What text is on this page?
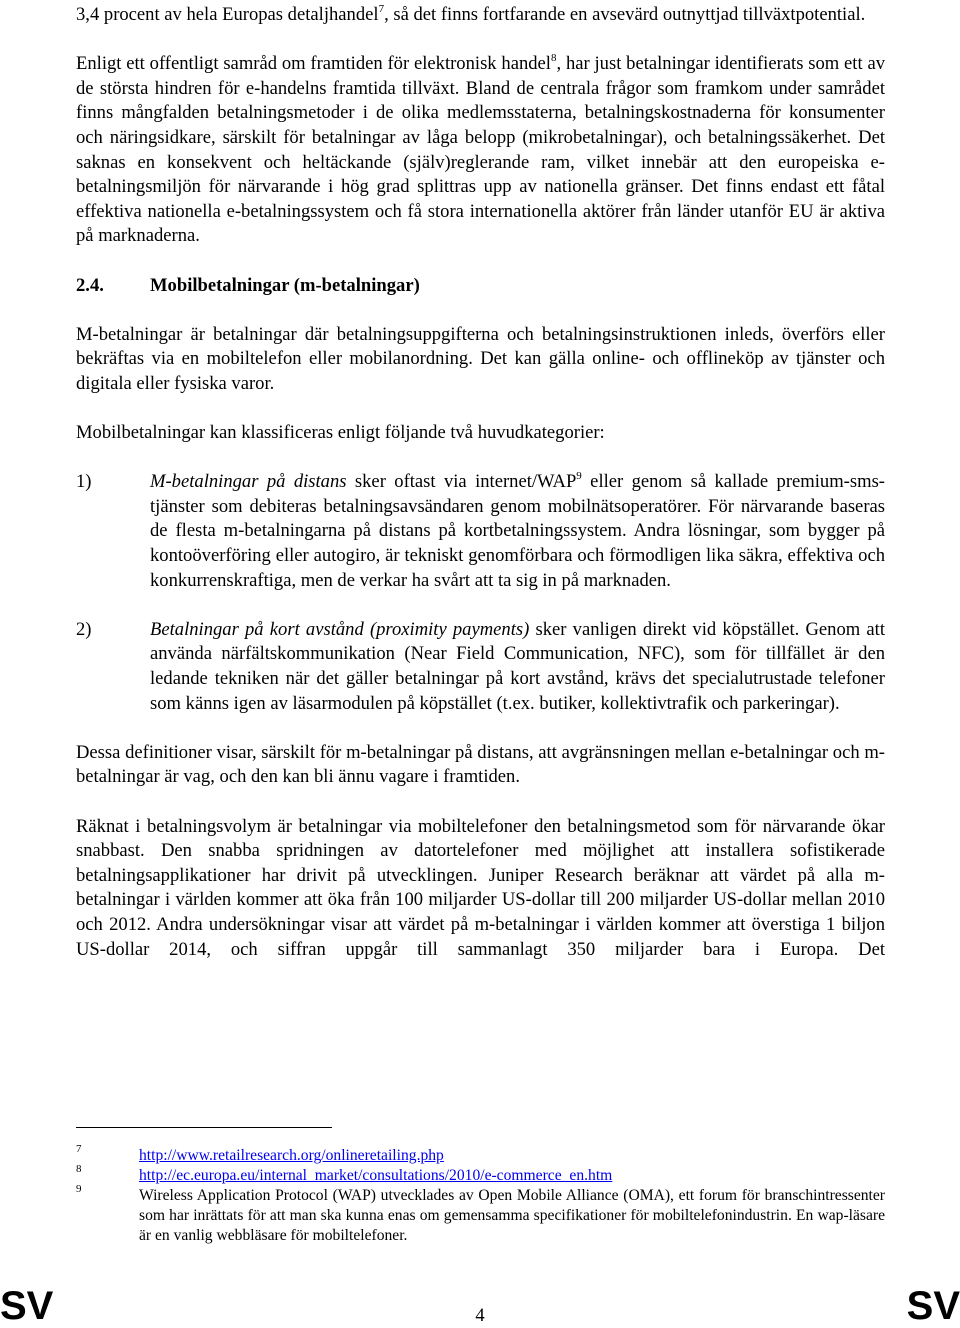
3,4 procent av hela Europas detaljhandel$^7$, så det finns fortfarande en avsevärd outnyttjad tillväxtpotential.

Enligt ett offentligt samråd om framtiden för elektronisk handel$^8$, har just betalningar identifierats som ett av de största hindren för e-handelns framtida tillväxt. Bland de centrala frågor som framkom under samrådet finns mångfalden betalningsmetoder i de olika medlemsstaterna, betalningskostnaderna för konsumenter och näringsidkare, särskilt för betalningar av låga belopp (mikrobetalningar), och betalningssäkerhet. Det saknas en konsekvent och heltäckande (själv)reglerande ram, vilket innebär att den europeiska e-betalningsmiljön för närvarande i hög grad splittras upp av nationella gränser. Det finns endast ett fåtal effektiva nationella e-betalningssystem och få stora internationella aktörer från länder utanför EU är aktiva på marknaderna.

2.4.	Mobilbetalningar (m-betalningar)

M-betalningar är betalningar där betalningsuppgifterna och betalningsinstruktionen inleds, överförs eller bekräftas via en mobiltelefon eller mobilanordning. Det kan gälla online- och offlineköp av tjänster och digitala eller fysiska varor.

Mobilbetalningar kan klassificeras enligt följande två huvudkategorier:

1)	M-betalningar på distans sker oftast via internet/WAP$^9$ eller genom så kallade premium-sms-tjänster som debiteras betalningsavsändaren genom mobilnätsoperatörer. För närvarande baseras de flesta m-betalningarna på distans på kortbetalningssystem. Andra lösningar, som bygger på kontoöverföring eller autogiro, är tekniskt genomförbara och förmodligen lika säkra, effektiva och konkurrenskraftiga, men de verkar ha svårt att ta sig in på marknaden.
2)	Betalningar på kort avstånd (proximity payments) sker vanligen direkt vid köpstället. Genom att använda närfältskommunikation (Near Field Communication, NFC), som för tillfället är den ledande tekniken när det gäller betalningar på kort avstånd, krävs det specialutrustade telefoner som känns igen av läsarmodulen på köpstället (t.ex. butiker, kollektivtrafik och parkeringar).

Dessa definitioner visar, särskilt för m-betalningar på distans, att avgränsningen mellan e-betalningar och m-betalningar är vag, och den kan bli ännu vagare i framtiden.

Räknat i betalningsvolym är betalningar via mobiltelefoner den betalningsmetod som för närvarande ökar snabbast. Den snabba spridningen av datortelefoner med möjlighet att installera sofistikerade betalningsapplikationer har drivit på utvecklingen. Juniper Research beräknar att värdet på alla m-betalningar i världen kommer att öka från 100 miljarder US-dollar till 200 miljarder US-dollar mellan 2010 och 2012. Andra undersökningar visar att värdet på m-betalningar i världen kommer att överstiga 1 biljon US-dollar 2014, och siffran uppgår till sammanlagt 350 miljarder bara i Europa. Det

7	http://www.retailresearch.org/onlineretailing.php
8	http://ec.europa.eu/internal_market/consultations/2010/e-commerce_en.htm
9	Wireless Application Protocol (WAP) utvecklades av Open Mobile Alliance (OMA), ett forum för branschintressenter som har inrättats för att man ska kunna enas om gemensamma specifikationer för mobiltelefonindustrin. En wap-läsare är en vanlig webbläsare för mobiltelefoner.
SV	4	SV
